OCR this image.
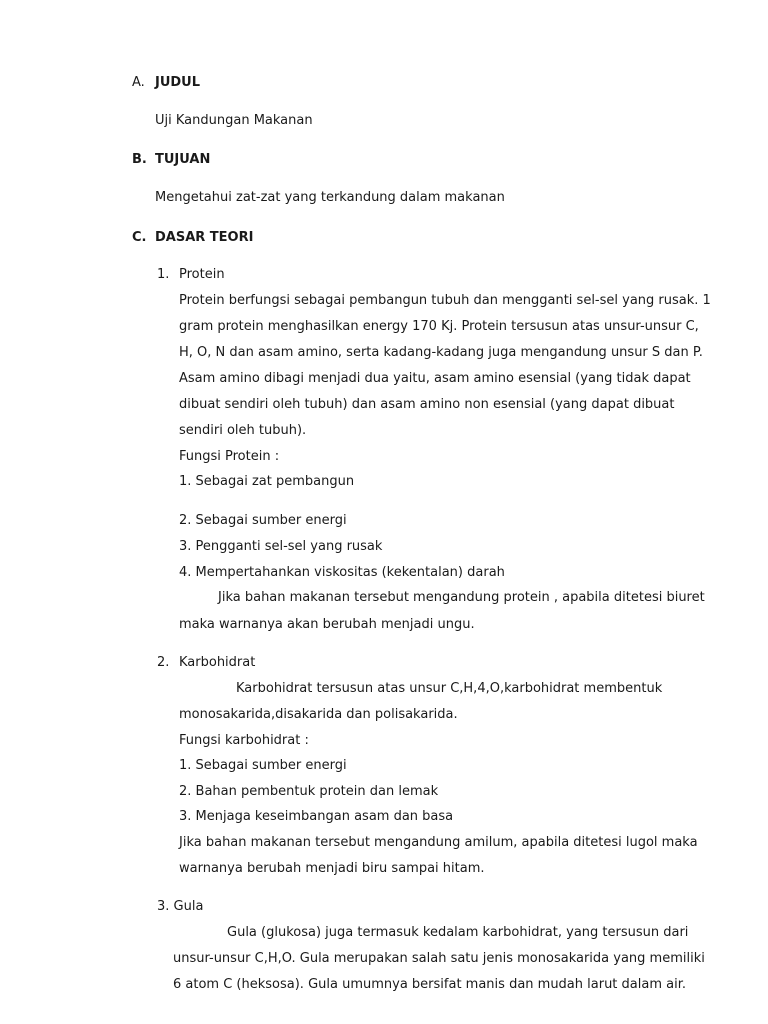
A. JUDUL
Uji Kandungan Makanan
B. TUJUAN
Mengetahui zat-zat yang terkandung dalam makanan
C. DASAR TEORI
1. Protein
Protein berfungsi sebagai pembangun tubuh dan mengganti sel-sel yang rusak. 1
gram protein menghasilkan energy 170 Kj. Protein tersusun atas unsur-unsur C,
H, O, N dan asam amino, serta kadang-kadang juga mengandung unsur S dan P.
Asam amino dibagi menjadi dua yaitu, asam amino esensial (yang tidak dapat
dibuat sendiri oleh tubuh) dan asam amino non esensial (yang dapat dibuat
sendiri oleh tubuh).
Fungsi Protein :
1. Sebagai zat pembangun
2. Sebagai sumber energi
3. Pengganti sel-sel yang rusak
4. Mempertahankan viskositas (kekentalan) darah
Jika bahan makanan tersebut mengandung protein , apabila ditetesi biuret
maka warnanya akan berubah menjadi ungu.
2. Karbohidrat
Karbohidrat tersusun atas unsur C,H,4,O,karbohidrat membentuk
monosakarida,disakarida dan polisakarida.
Fungsi karbohidrat :
1. Sebagai sumber energi
2. Bahan pembentuk protein dan lemak
3. Menjaga keseimbangan asam dan basa
Jika bahan makanan tersebut mengandung amilum, apabila ditetesi lugol maka
warnanya berubah menjadi biru sampai hitam.
3. Gula
Gula (glukosa) juga termasuk kedalam karbohidrat, yang tersusun dari
unsur-unsur C,H,O. Gula merupakan salah satu jenis monosakarida yang memiliki
6 atom C (heksosa). Gula umumnya bersifat manis dan mudah larut dalam air.
